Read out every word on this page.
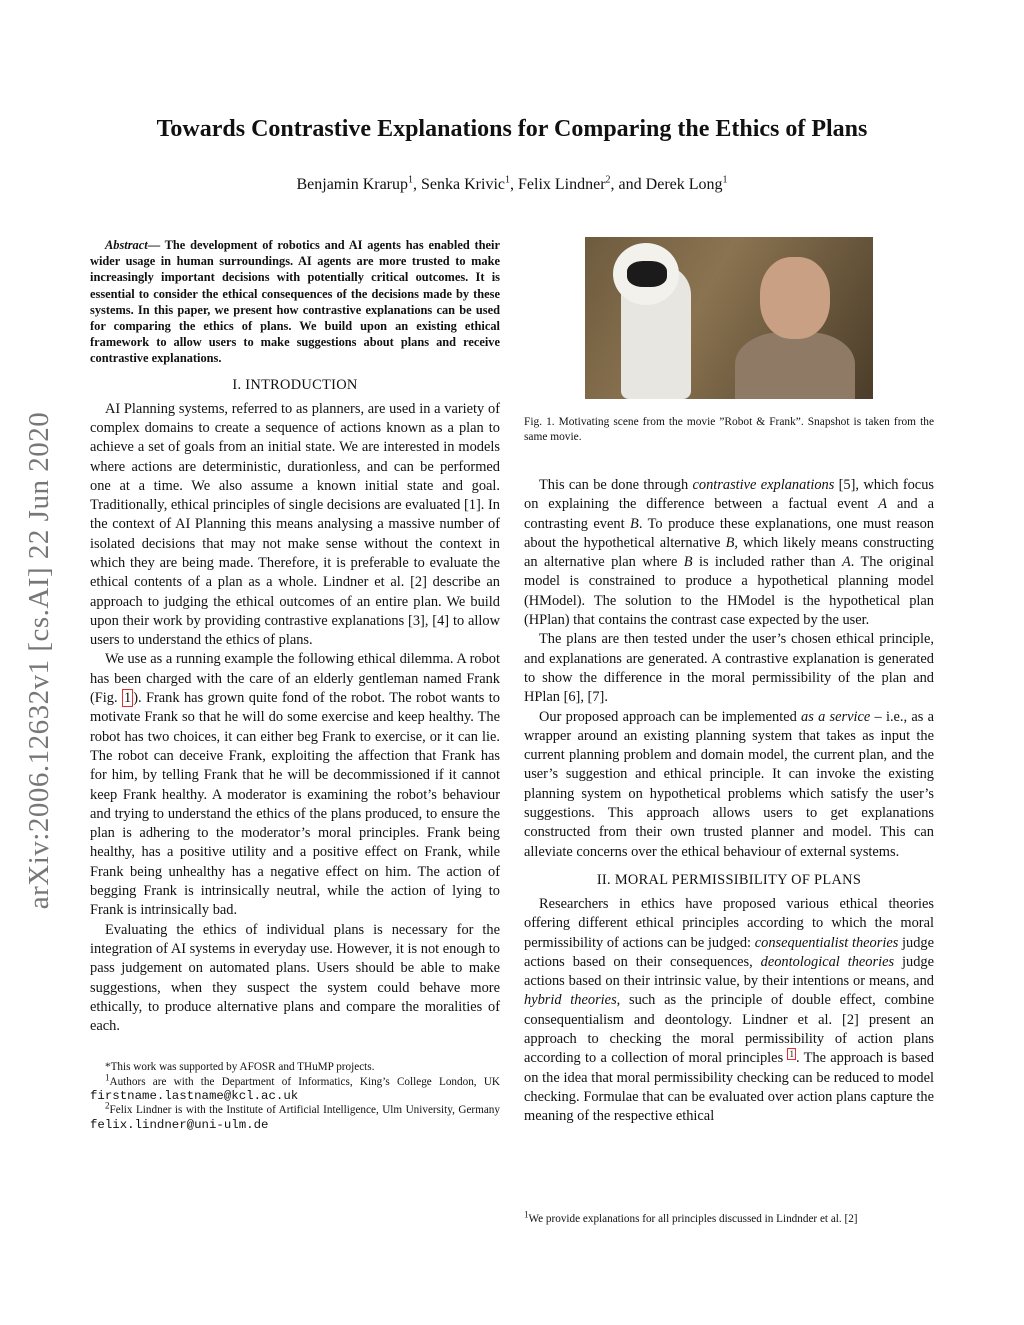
arXiv:2006.12632v1 [cs.AI] 22 Jun 2020
Towards Contrastive Explanations for Comparing the Ethics of Plans
Benjamin Krarup$^1$, Senka Krivic$^1$, Felix Lindner$^2$, and Derek Long$^1$

Abstract— The development of robotics and AI agents has enabled their wider usage in human surroundings. AI agents are more trusted to make increasingly important decisions with potentially critical outcomes. It is essential to consider the ethical consequences of the decisions made by these systems. In this paper, we present how contrastive explanations can be used for comparing the ethics of plans. We build upon an existing ethical framework to allow users to make suggestions about plans and receive contrastive explanations.

I. INTRODUCTION

AI Planning systems, referred to as planners, are used in a variety of complex domains to create a sequence of actions known as a plan to achieve a set of goals from an initial state. We are interested in models where actions are deterministic, durationless, and can be performed one at a time. We also assume a known initial state and goal. Traditionally, ethical principles of single decisions are evaluated [1]. In the context of AI Planning this means analysing a massive number of isolated decisions that may not make sense without the context in which they are being made. Therefore, it is preferable to evaluate the ethical contents of a plan as a whole. Lindner et al. [2] describe an approach to judging the ethical outcomes of an entire plan. We build upon their work by providing contrastive explanations [3], [4] to allow users to understand the ethics of plans.

We use as a running example the following ethical dilemma. A robot has been charged with the care of an elderly gentleman named Frank (Fig. 1 ). Frank has grown quite fond of the robot. The robot wants to motivate Frank so that he will do some exercise and keep healthy. The robot has two choices, it can either beg Frank to exercise, or it can lie. The robot can deceive Frank, exploiting the affection that Frank has for him, by telling Frank that he will be decommissioned if it cannot keep Frank healthy. A moderator is examining the robot’s behaviour and trying to understand the ethics of the plans produced, to ensure the plan is adhering to the moderator’s moral principles. Frank being healthy, has a positive utility and a positive effect on Frank, while Frank being unhealthy has a negative effect on him. The action of begging Frank is intrinsically neutral, while the action of lying to Frank is intrinsically bad.

Evaluating the ethics of individual plans is necessary for the integration of AI systems in everyday use. However, it is not enough to pass judgement on automated plans. Users should be able to make suggestions, when they suspect the system could behave more ethically, to produce alternative plans and compare the moralities of each.

*This work was supported by AFOSR and THuMP projects.

$^1$Authors are with the Department of Informatics, King’s College London, UK firstname.lastname@kcl.ac.uk

$^2$Felix Lindner is with the Institute of Artificial Intelligence, Ulm University, Germany felix.lindner@uni-ulm.de

Fig. 1. Motivating scene from the movie ”Robot & Frank”. Snapshot is taken from the same movie.

This can be done through contrastive explanations [5], which focus on explaining the difference between a factual event A and a contrasting event B. To produce these explanations, one must reason about the hypothetical alternative B, which likely means constructing an alternative plan where B is included rather than A. The original model is constrained to produce a hypothetical planning model (HModel). The solution to the HModel is the hypothetical plan (HPlan) that contains the contrast case expected by the user.

The plans are then tested under the user’s chosen ethical principle, and explanations are generated. A contrastive explanation is generated to show the difference in the moral permissibility of the plan and HPlan [6], [7].

Our proposed approach can be implemented as a service – i.e., as a wrapper around an existing planning system that takes as input the current planning problem and domain model, the current plan, and the user’s suggestion and ethical principle. It can invoke the existing planning system on hypothetical problems which satisfy the user’s suggestions. This approach allows users to get explanations constructed from their own trusted planner and model. This can alleviate concerns over the ethical behaviour of external systems.

II. MORAL PERMISSIBILITY OF PLANS

Researchers in ethics have proposed various ethical theories offering different ethical principles according to which the moral permissibility of actions can be judged: consequentialist theories judge actions based on their consequences, deontological theories judge actions based on their intrinsic value, by their intentions or means, and hybrid theories, such as the principle of double effect, combine consequentialism and deontology. Lindner et al. [2] present an approach to checking the moral permissibility of action plans according to a collection of moral principles $^1$ . The approach is based on the idea that moral permissibility checking can be reduced to model checking. Formulae that can be evaluated over action plans capture the meaning of the respective ethical

$^1$We provide explanations for all principles discussed in Lindnder et al. [2]
